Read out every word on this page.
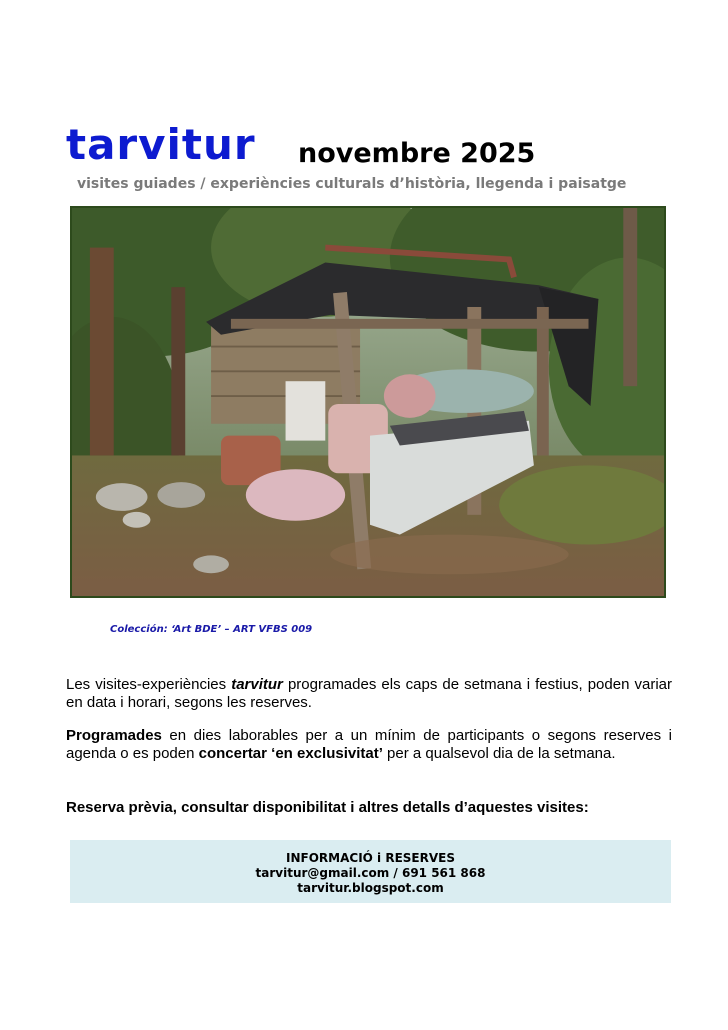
tarvitur novembre 2025
visites guiades / experiències culturals d’història, llegenda i paisatge
Colección: ‘Art BDE’ – ART VFBS 009
Les visites-experiències tarvitur programades els caps de setmana i festius, poden variar en data i horari, segons les reserves.
Programades en dies laborables per a un mínim de participants o segons reserves i agenda o es poden concertar ‘en exclusivitat’ per a qualsevol dia de la setmana.
Reserva prèvia, consultar disponibilitat i altres detalls d’aquestes visites:
INFORMACIÓ i RESERVES
tarvitur@gmail.com / 691 561 868
tarvitur.blogspot.com
